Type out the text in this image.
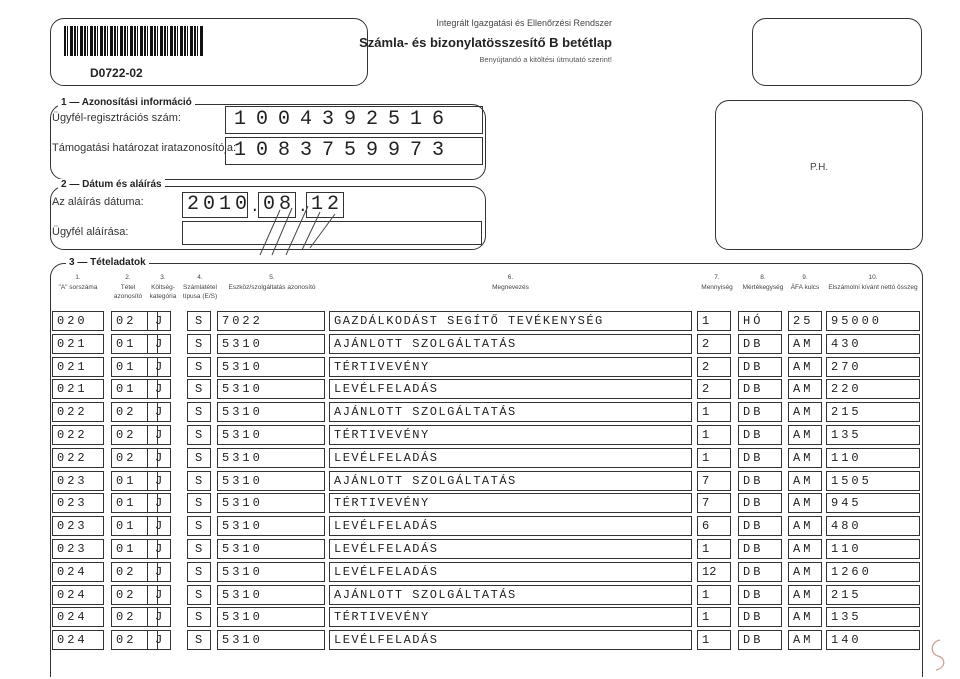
D0722-02
Integrált Igazgatási és Ellenőrzési Rendszer
Számla- és bizonylatösszesítő B betétlap
Benyújtandó a kitöltési útmutató szerint!
1 — Azonosítási információ
Ügyfél-regisztrációs szám:	1004392516
Támogatási határozat iratazonosítója:
1083759973
2 — Dátum és aláírás
Az aláírás dátuma: 2010
. 08 . 12
Ügyfél aláírása:
P.H.
3 — Tételadatok
1.
"A" sorszáma
2.
Tétel azonosító
3.
Költség-kategória
4.
Számlatétel típusa (E/S)
5.
Eszköz/szolgáltatás azonosító
6.
Megnevezés
7.
Mennyiség
8.
Mértékegység
9.
ÁFA kulcs
10.
Elszámolni kívánt nettó összeg
020	02	J	S	7022	GAZDÁLKODÁST SEGÍTŐ TEVÉKENYSÉG	1	HÓ	25	95000
021	01	J	S	5310	AJÁNLOTT SZOLGÁLTATÁS	2	DB	AM	430
021	01	J	S	5310	TÉRTIVEVÉNY	2	DB	AM	270
021	01	J	S	5310	LEVÉLFELADÁS	2	DB	AM	220
022	02	J	S	5310	AJÁNLOTT SZOLGÁLTATÁS	1	DB	AM	215
022	02	J	S	5310	TÉRTIVEVÉNY	1	DB	AM	135
022	02	J	S	5310	LEVÉLFELADÁS	1	DB	AM	110
023	01	J	S	5310	AJÁNLOTT SZOLGÁLTATÁS	7	DB	AM	1505
023	01	J	S	5310	TÉRTIVEVÉNY	7	DB	AM	945
023	01	J	S	5310	LEVÉLFELADÁS	6	DB	AM	480
023	01	J	S	5310	LEVÉLFELADÁS	1	DB	AM	110
024	02	J	S	5310	LEVÉLFELADÁS	12	DB	AM	1260
024	02	J	S	5310	AJÁNLOTT SZOLGÁLTATÁS	1	DB	AM	215
024	02	J	S	5310	TÉRTIVEVÉNY	1	DB	AM	135
024	02	J	S	5310	LEVÉLFELADÁS	1	DB	AM	140
